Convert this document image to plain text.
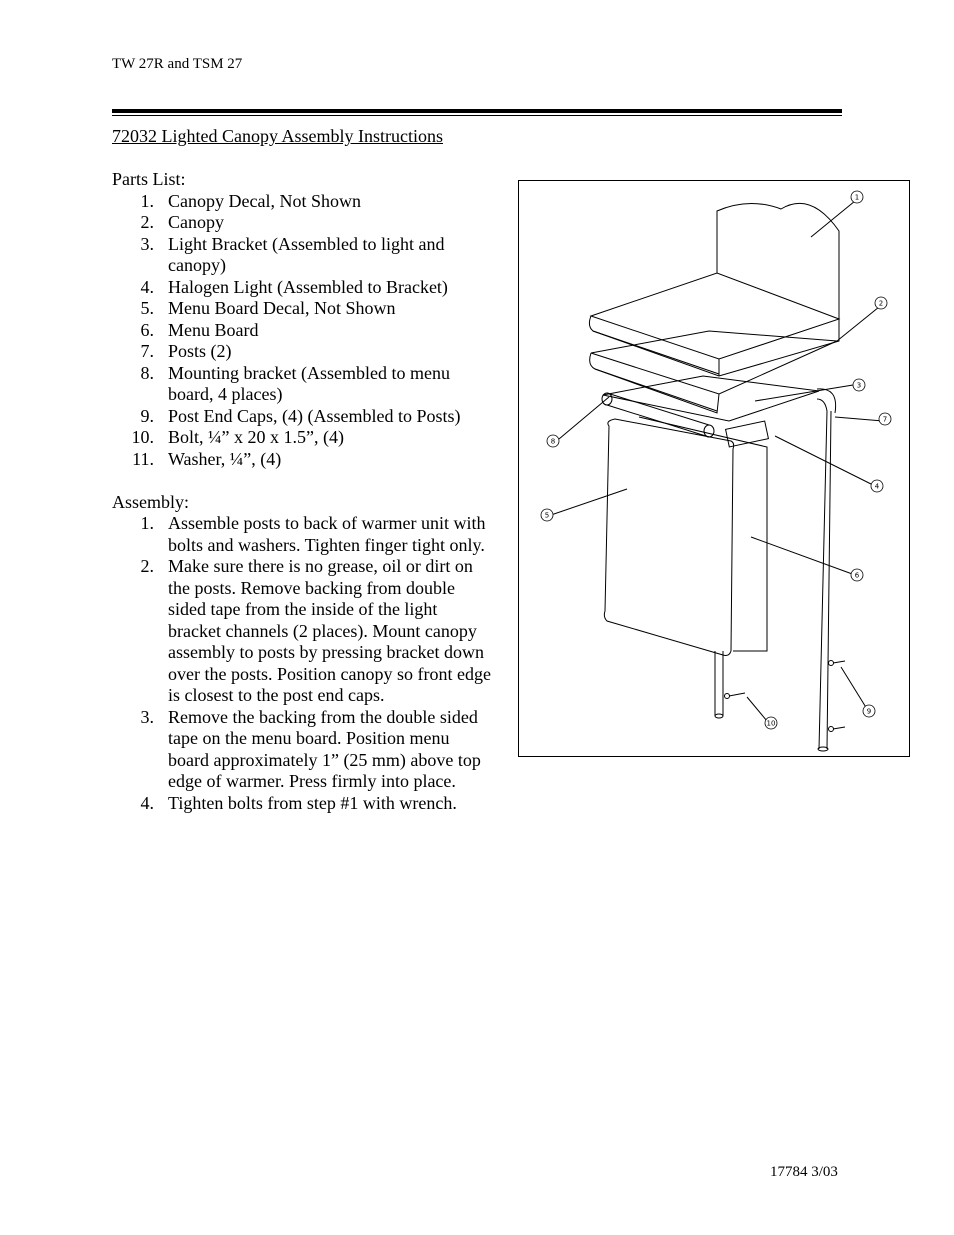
TW 27R and TSM 27
72032 Lighted Canopy Assembly Instructions

Parts List:

1. Canopy Decal, Not Shown
2. Canopy
3. Light Bracket (Assembled to light and canopy)
4. Halogen Light (Assembled to Bracket)
5. Menu Board Decal, Not Shown
6. Menu Board
7. Posts (2)
8. Mounting bracket (Assembled to menu board, 4 places)
9. Post End Caps, (4) (Assembled to Posts)
10. Bolt, ¼” x 20 x 1.5”, (4)
11. Washer, ¼”, (4)

Assembly:

1. Assemble posts to back of warmer unit with bolts and washers. Tighten finger tight only.
2. Make sure there is no grease, oil or dirt on the posts. Remove backing from double sided tape from the inside of the light bracket channels (2 places). Mount canopy assembly to posts by pressing bracket down over the posts. Position canopy so front edge is closest to the post end caps.
3. Remove the backing from the double sided tape on the menu board. Position menu board approximately 1” (25 mm) above top edge of warmer. Press firmly into place.
4. Tighten bolts from step #1 with wrench.
1
2
3
7
8
4
5
6
9
10
17784 3/03
